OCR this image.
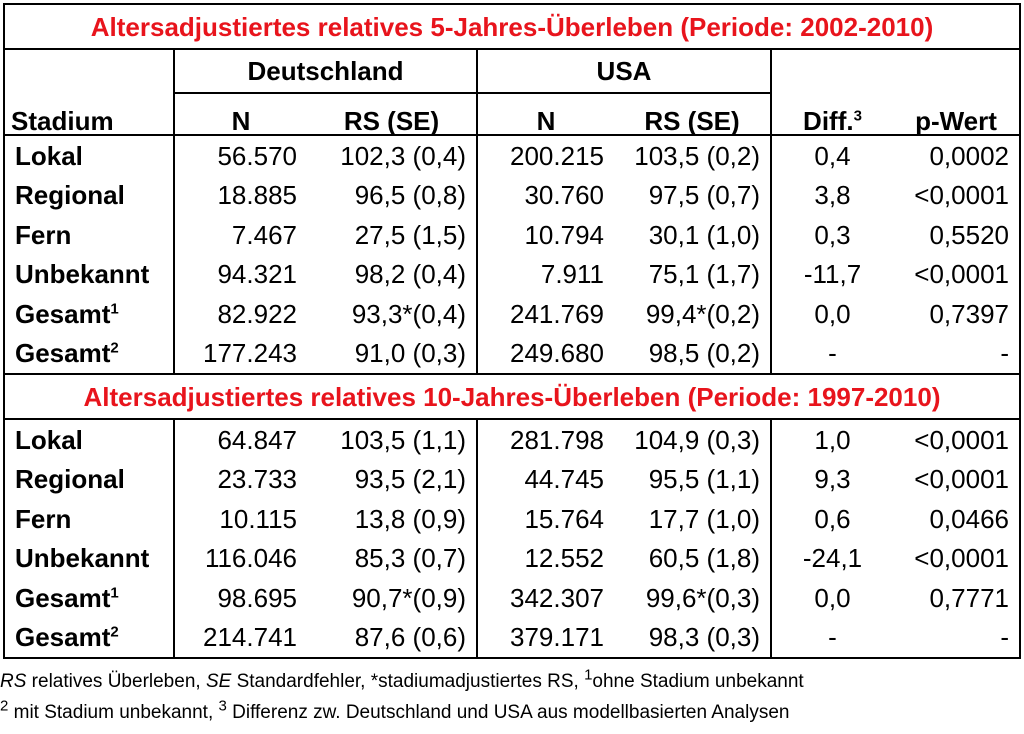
Altersadjustiertes relatives 5-Jahres-Überleben (Periode: 2002-2010)						
	Deutschland		USA			
Stadium	N	RS (SE)	N	RS (SE)	Diff.$^3$	p-Wert
Lokal	56.570	102,3 (0,4)	200.215	103,5 (0,2)	0,4	0,0002
Regional	18.885	96,5 (0,8)	30.760	97,5 (0,7)	3,8	<0,0001
Fern	7.467	27,5 (1,5)	10.794	30,1 (1,0)	0,3	0,5520
Unbekannt	94.321	98,2 (0,4)	7.911	75,1 (1,7)	-11,7	<0,0001
Gesamt$^1$	82.922	93,3*(0,4)	241.769	99,4*(0,2)	0,0	0,7397
Gesamt$^2$	177.243	91,0 (0,3)	249.680	98,5 (0,2)	-	-
Altersadjustiertes relatives 10-Jahres-Überleben (Periode: 1997-2010)						
Lokal	64.847	103,5 (1,1)	281.798	104,9 (0,3)	1,0	<0,0001
Regional	23.733	93,5 (2,1)	44.745	95,5 (1,1)	9,3	<0,0001
Fern	10.115	13,8 (0,9)	15.764	17,7 (1,0)	0,6	0,0466
Unbekannt	116.046	85,3 (0,7)	12.552	60,5 (1,8)	-24,1	<0,0001
Gesamt$^1$	98.695	90,7*(0,9)	342.307	99,6*(0,3)	0,0	0,7771
Gesamt$^2$	214.741	87,6 (0,6)	379.171	98,3 (0,3)	-	-
RS relatives Überleben, SE Standardfehler, *stadiumadjustiertes RS, $^1$ohne Stadium unbekannt
$^2$ mit Stadium unbekannt, $^3$ Differenz zw. Deutschland und USA aus modellbasierten Analysen
